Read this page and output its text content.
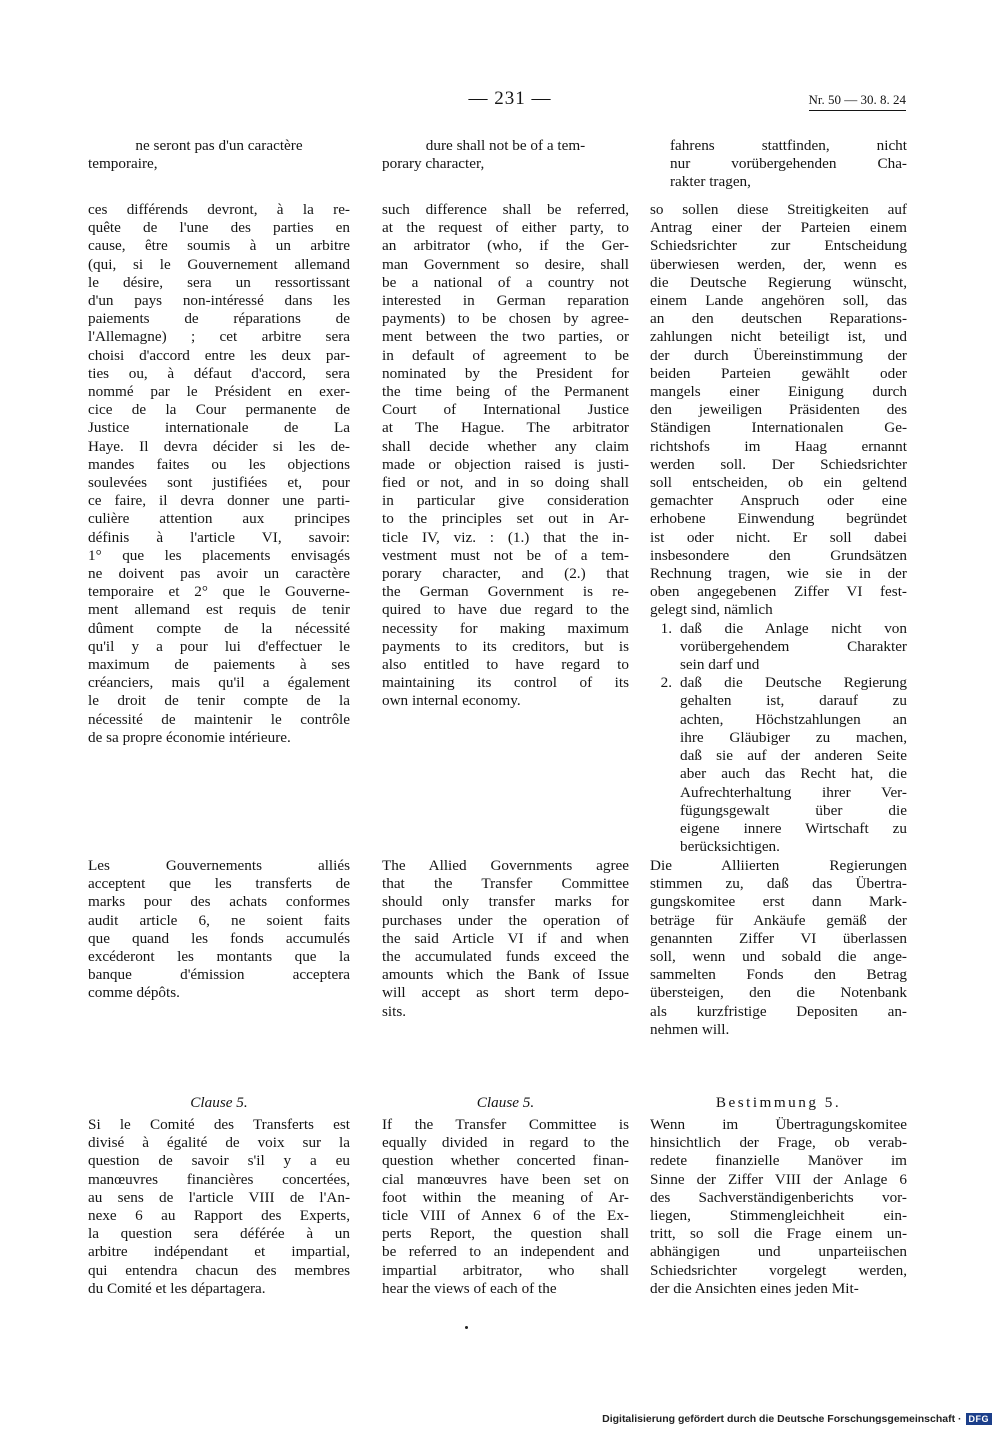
— 231 —	Nr. 50 — 30. 8. 24
ne seront pas d'un caractère
temporaire,
dure shall not be of a tem-
porary character,
fahrens stattfinden, nicht
nur vorübergehenden Cha-
rakter tragen,
ces différends devront, à la re-
quête de l'une des parties en
cause, être soumis à un arbitre
(qui, si le Gouvernement allemand
le désire, sera un ressortissant
d'un pays non-intéressé dans les
paiements de réparations de
l'Allemagne) ; cet arbitre sera
choisi d'accord entre les deux par-
ties ou, à défaut d'accord, sera
nommé par le Président en exer-
cice de la Cour permanente de
Justice internationale de La
Haye. Il devra décider si les de-
mandes faites ou les objections
soulevées sont justifiées et, pour
ce faire, il devra donner une parti-
culière attention aux principes
définis à l'article VI, savoir:
1° que les placements envisagés
ne doivent pas avoir un caractère
temporaire et 2° que le Gouverne-
ment allemand est requis de tenir
dûment compte de la nécessité
qu'il y a pour lui d'effectuer le
maximum de paiements à ses
créanciers, mais qu'il a également
le droit de tenir compte de la
nécessité de maintenir le contrôle
de sa propre économie intérieure.
such difference shall be referred,
at the request of either party, to
an arbitrator (who, if the Ger-
man Government so desire, shall
be a national of a country not
interested in German reparation
payments) to be chosen by agree-
ment between the two parties, or
in default of agreement to be
nominated by the President for
the time being of the Permanent
Court of International Justice
at The Hague. The arbitrator
shall decide whether any claim
made or objection raised is justi-
fied or not, and in so doing shall
in particular give consideration
to the principles set out in Ar-
ticle IV, viz. : (1.) that the in-
vestment must not be of a tem-
porary character, and (2.) that
the German Government is re-
quired to have due regard to the
necessity for making maximum
payments to its creditors, but is
also entitled to have regard to
maintaining its control of its
own internal economy.
so sollen diese Streitigkeiten auf
Antrag einer der Parteien einem
Schiedsrichter zur Entscheidung
überwiesen werden, der, wenn es
die Deutsche Regierung wünscht,
einem Lande angehören soll, das
an den deutschen Reparations-
zahlungen nicht beteiligt ist, und
der durch Übereinstimmung der
beiden Parteien gewählt oder
mangels einer Einigung durch
den jeweiligen Präsidenten des
Ständigen Internationalen Ge-
richtshofs im Haag ernannt
werden soll. Der Schiedsrichter
soll entscheiden, ob ein geltend
gemachter Anspruch oder eine
erhobene Einwendung begründet
ist oder nicht. Er soll dabei
insbesondere den Grundsätzen
Rechnung tragen, wie sie in der
oben angegebenen Ziffer VI fest-
gelegt sind, nämlich
1. daß die Anlage nicht von
vorübergehendem Charakter
sein darf und
2. daß die Deutsche Regierung
gehalten ist, darauf zu
achten, Höchstzahlungen an
ihre Gläubiger zu machen,
daß sie auf der anderen Seite
aber auch das Recht hat, die
Aufrechterhaltung ihrer Ver-
fügungsgewalt über die
eigene innere Wirtschaft zu
berücksichtigen.
Les Gouvernements alliés
acceptent que les transferts de
marks pour des achats conformes
audit article 6, ne soient faits
que quand les fonds accumulés
excéderont les montants que la
banque d'émission acceptera
comme dépôts.
The Allied Governments agree
that the Transfer Committee
should only transfer marks for
purchases under the operation of
the said Article VI if and when
the accumulated funds exceed the
amounts which the Bank of Issue
will accept as short term depo-
sits.
Die Alliierten Regierungen
stimmen zu, daß das Übertra-
gungskomitee erst dann Mark-
beträge für Ankäufe gemäß der
genannten Ziffer VI überlassen
soll, wenn und sobald die ange-
sammelten Fonds den Betrag
übersteigen, den die Notenbank
als kurzfristige Depositen an-
nehmen will.
Clause 5.	Clause 5.	Bestimmung 5.
Si le Comité des Transferts est
divisé à égalité de voix sur la
question de savoir s'il y a eu
manœuvres financières concertées,
au sens de l'article VIII de l'An-
nexe 6 au Rapport des Experts,
la question sera déférée à un
arbitre indépendant et impartial,
qui entendra chacun des membres
du Comité et les départagera.
If the Transfer Committee is
equally divided in regard to the
question whether concerted finan-
cial manœuvres have been set on
foot within the meaning of Ar-
ticle VIII of Annex 6 of the Ex-
perts Report, the question shall
be referred to an independent and
impartial arbitrator, who shall
hear the views of each of the
Wenn im Übertragungskomitee
hinsichtlich der Frage, ob verab-
redete finanzielle Manöver im
Sinne der Ziffer VIII der Anlage 6
des Sachverständigenberichts vor-
liegen, Stimmengleichheit ein-
tritt, so soll die Frage einem un-
abhängigen und unparteiischen
Schiedsrichter vorgelegt werden,
der die Ansichten eines jeden Mit-
Digitalisierung gefördert durch die Deutsche Forschungsgemeinschaft · DFG
